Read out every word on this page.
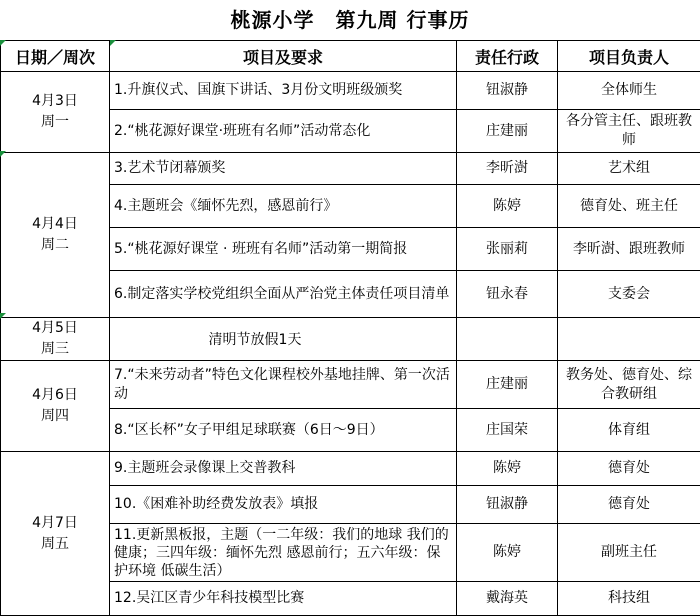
桃源小学　第九周 行事历
日期／周次	项目及要求	责任行政	项目负责人

4月3日
周一	1.升旗仪式、国旗下讲话、3月份文明班级颁奖	钮淑静	全体师生
	2.“桃花源好课堂·班班有名师”活动常态化	庄建丽	各分管主任、跟班教师

4月4日
周二	3.艺术节闭幕颁奖	李昕澍	艺术组
	4.主题班会《缅怀先烈，感恩前行》	陈婷	德育处、班主任
	5.“桃花源好课堂 · 班班有名师”活动第一期简报	张丽莉	李昕澍、跟班教师
	6.制定落实学校党组织全面从严治党主体责任项目清单	钮永春	支委会

4月5日
周三	清明节放假1天		

4月6日
周四	7.“未来劳动者”特色文化课程校外基地挂牌、第一次活动	庄建丽	教务处、德育处、综合教研组
	8.“区长杯”女子甲组足球联赛（6日～9日）	庄国荣	体育组

4月7日
周五	9.主题班会录像课上交普教科	陈婷	德育处
	10.《困难补助经费发放表》填报	钮淑静	德育处
	11.更新黑板报，主题（一二年级：我们的地球 我们的健康；三四年级：缅怀先烈 感恩前行；五六年级：保护环境 低碳生活）	陈婷	副班主任
	12.吴江区青少年科技模型比赛	戴海英	科技组
